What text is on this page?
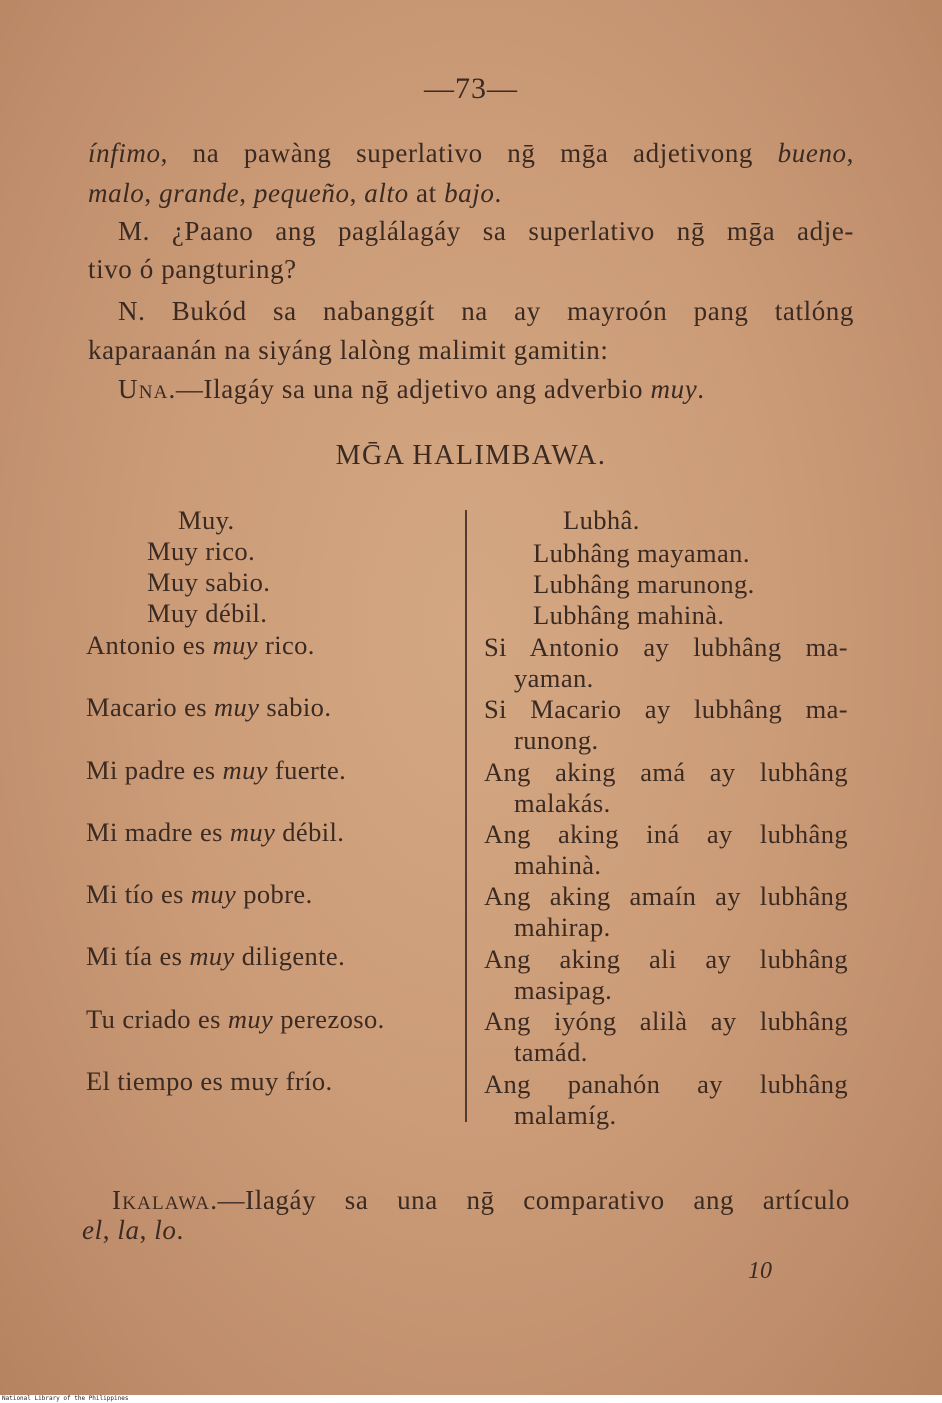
—73—
ínfimo, na pawàng superlativo nḡ mḡa adjetivong bueno,
malo, grande, pequeño, alto at bajo.
M. ¿Paano ang paglálagáy sa superlativo nḡ mḡa adje-
tivo ó pangturing?
N. Bukód sa nabanggít na ay mayroón pang tatlóng
kaparaanán na siyáng lalòng malimit gamitin:
Una.—Ilagáy sa una nḡ adjetivo ang adverbio muy.
MḠA HALIMBAWA.
Muy.
Muy rico.
Muy sabio.
Muy débil.
Antonio es muy rico.
Macario es muy sabio.
Mi padre es muy fuerte.
Mi madre es muy débil.
Mi tío es muy pobre.
Mi tía es muy diligente.
Tu criado es muy perezoso.
El tiempo es muy frío.
Lubhâ.
Lubhâng mayaman.
Lubhâng marunong.
Lubhâng mahinà.
Si Antonio ay lubhâng ma-
yaman.
Si Macario ay lubhâng ma-
runong.
Ang aking amá ay lubhâng
malakás.
Ang aking iná ay lubhâng
mahinà.
Ang aking amaín ay lubhâng
mahirap.
Ang aking ali ay lubhâng
masipag.
Ang iyóng alilà ay lubhâng
tamád.
Ang panahón ay lubhâng
malamíg.
Ikalawa.—Ilagáy sa una nḡ comparativo ang artículo
el, la, lo.
10
National Library of the Philippines
